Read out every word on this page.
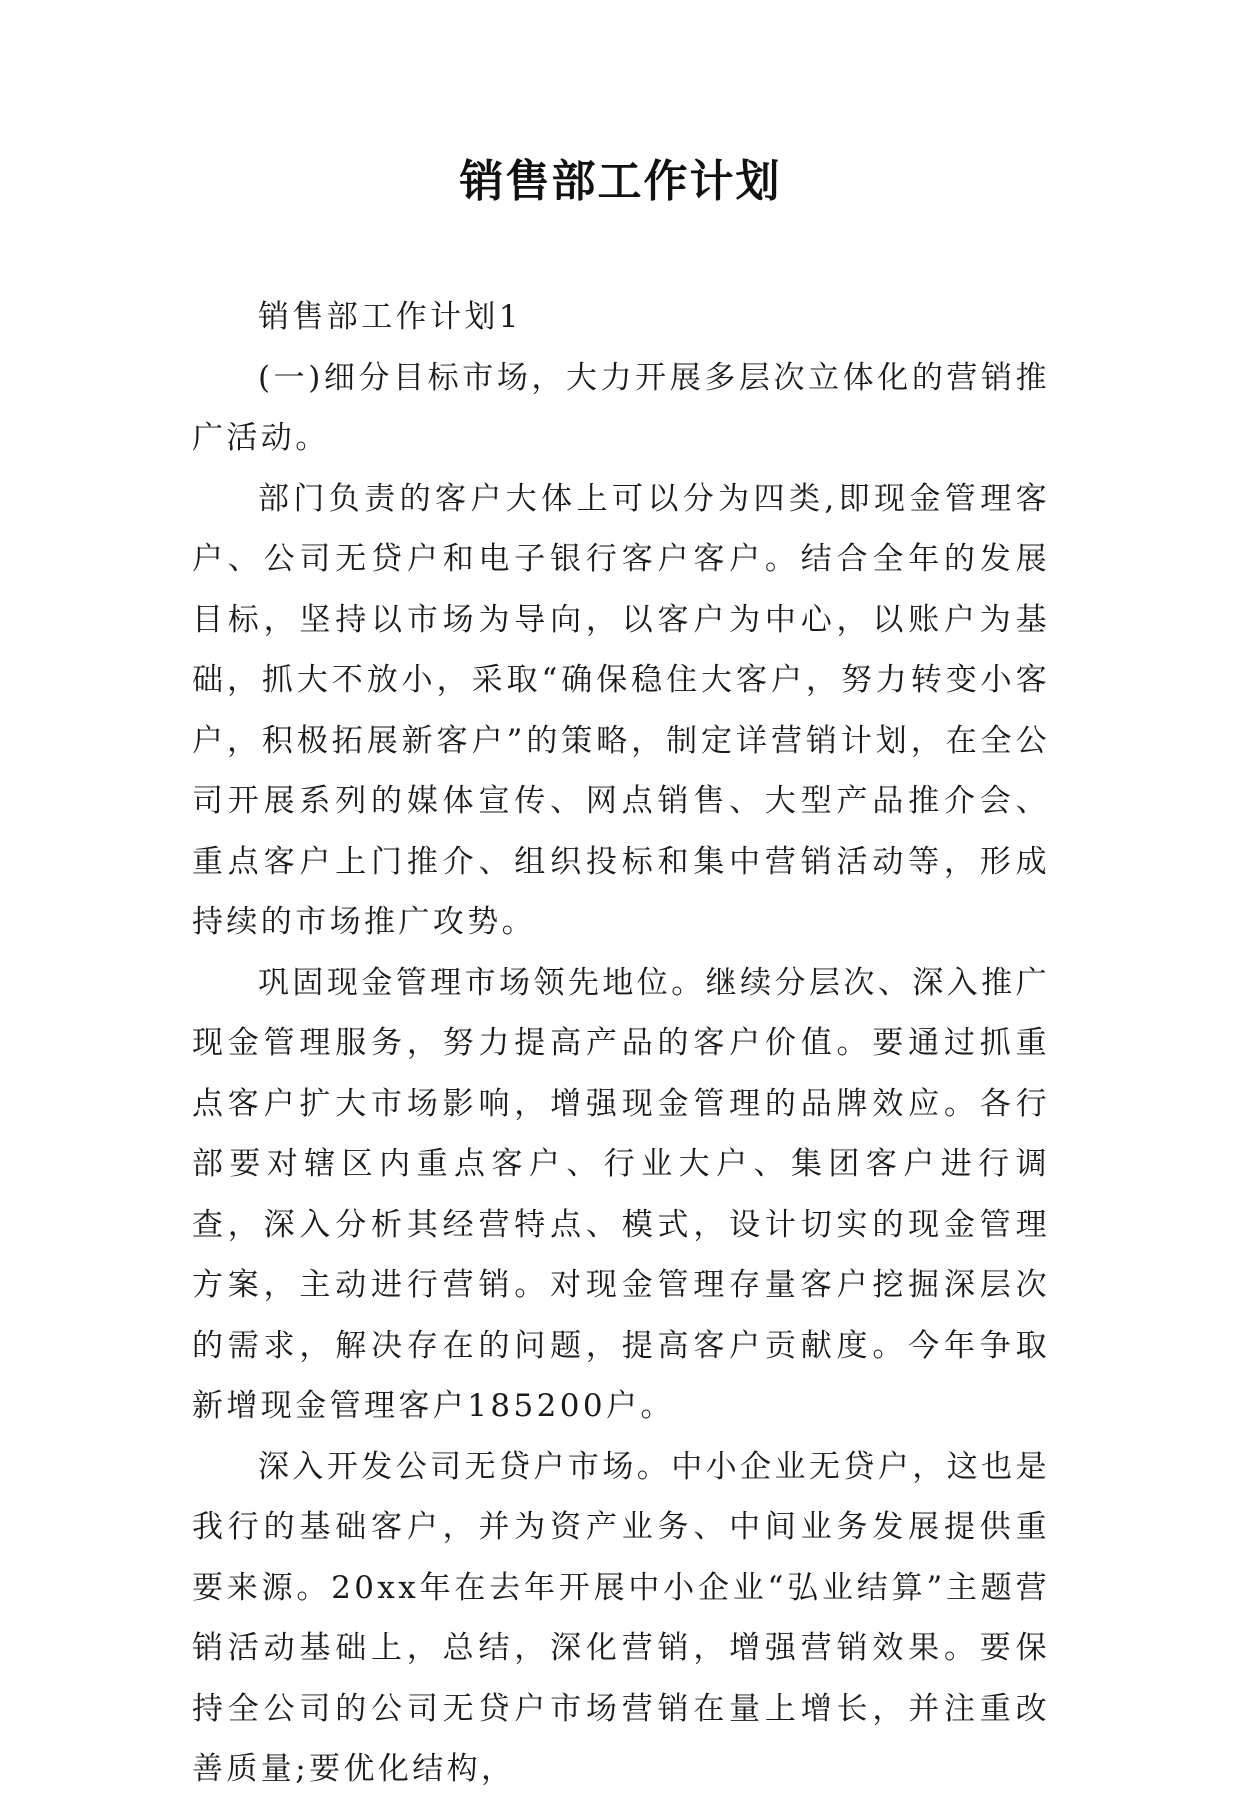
销售部工作计划

销售部工作计划1

(一)细分目标市场，大力开展多层次立体化的营销推广活动。

部门负责的客户大体上可以分为四类,即现金管理客户、公司无贷户和电子银行客户客户。结合全年的发展目标，坚持以市场为导向，以客户为中心，以账户为基础，抓大不放小，采取“确保稳住大客户，努力转变小客户，积极拓展新客户”的策略，制定详营销计划，在全公司开展系列的媒体宣传、网点销售、大型产品推介会、重点客户上门推介、组织投标和集中营销活动等，形成持续的市场推广攻势。

巩固现金管理市场领先地位。继续分层次、深入推广现金管理服务，努力提高产品的客户价值。要通过抓重点客户扩大市场影响，增强现金管理的品牌效应。各行部要对辖区内重点客户、行业大户、集团客户进行调查，深入分析其经营特点、模式，设计切实的现金管理方案，主动进行营销。对现金管理存量客户挖掘深层次的需求，解决存在的问题，提高客户贡献度。今年争取新增现金管理客户185200户。

深入开发公司无贷户市场。中小企业无贷户，这也是我行的基础客户，并为资产业务、中间业务发展提供重要来源。20xx年在去年开展中小企业“弘业结算”主题营销活动基础上，总结，深化营销，增强营销效果。要保持全公司的公司无贷户市场营销在量上增长，并注重改善质量;要优化结构，
